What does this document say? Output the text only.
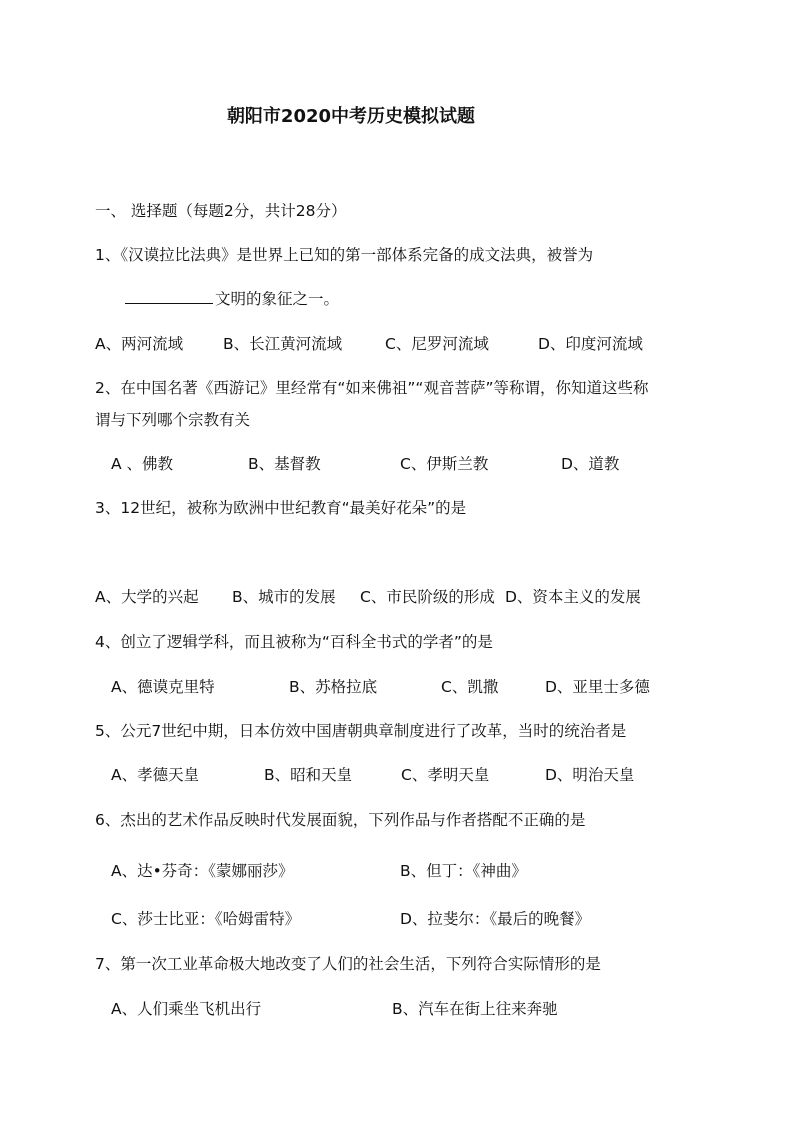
朝阳市2020中考历史模拟试题
一、 选择题（每题2分，共计28分）
1、《汉谟拉比法典》是世界上已知的第一部体系完备的成文法典，被誉为
文明的象征之一。
A、两河流域	B、长江黄河流域	C、尼罗河流域	D、印度河流域
2、在中国名著《西游记》里经常有“如来佛祖”“观音菩萨”等称谓，你知道这些称
谓与下列哪个宗教有关
A 、佛教	B、基督教	C、伊斯兰教	D、道教
3、12世纪，被称为欧洲中世纪教育“最美好花朵”的是
A、大学的兴起 B、城市的发展 C、市民阶级的形成 D、资本主义的发展
4、创立了逻辑学科，而且被称为“百科全书式的学者”的是
A、德谟克里特	B、苏格拉底	C、凯撒	D、亚里士多德
5、公元7世纪中期，日本仿效中国唐朝典章制度进行了改革，当时的统治者是
A、孝德天皇	B、昭和天皇	C、孝明天皇	D、明治天皇
6、杰出的艺术作品反映时代发展面貌，下列作品与作者搭配不正确的是
A、达•芬奇：《蒙娜丽莎》	B、但丁：《神曲》
C、莎士比亚：《哈姆雷特》	D、拉斐尔：《最后的晚餐》
7、第一次工业革命极大地改变了人们的社会生活，下列符合实际情形的是
A、人们乘坐飞机出行	B、汽车在街上往来奔驰
